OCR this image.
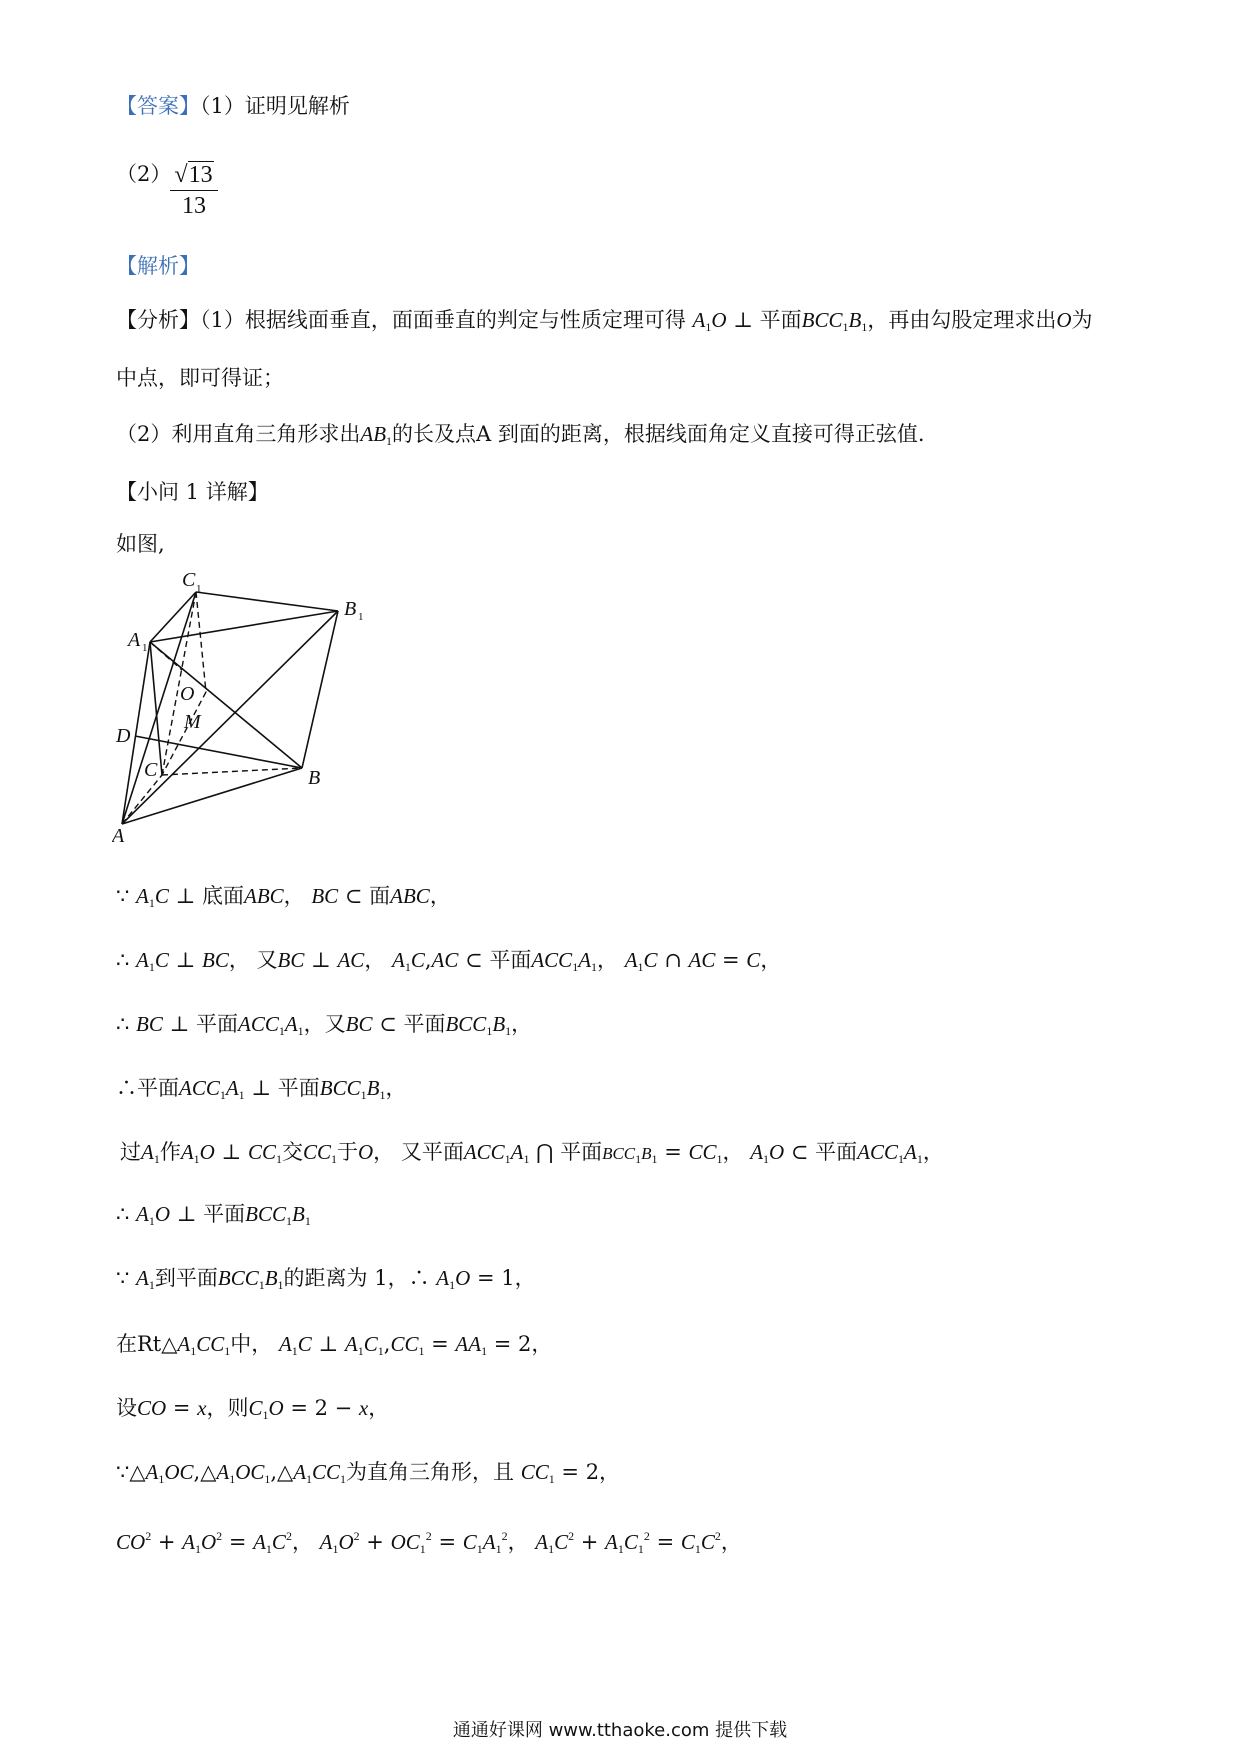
【答案】（1）证明见解析
（2） √13
13
【解析】
【分析】（1）根据线面垂直，面面垂直的判定与性质定理可得 $A_1O$ ⊥ 平面$BCC_1B_1$，再由勾股定理求出O为
中点，即可得证；
（2）利用直角三角形求出$AB_1$的长及点A 到面的距离，根据线面角定义直接可得正弦值.
【小问 1 详解】
如图,
C 1
B 1
A 1
O
M
D
C	B
A
∵ $A_1C$ ⊥ 底面ABC， BC ⊂ 面ABC，
∴ $A_1C$ ⊥ BC， 又BC ⊥ AC， $A_1C,AC$ ⊂ 平面$ACC_1A_1$， $A_1C$ ∩ AC = C，
∴ BC ⊥ 平面$ACC_1A_1$，又BC ⊂ 平面$BCC_1B_1$，
∴平面$ACC_1A_1$ ⊥ 平面$BCC_1B_1$，
过$A_1$作$A_1O$ ⊥ $CC_1$交$CC_1$于O， 又平面$ACC_1A_1$ ⋂ 平面$BCC_1B_1 = CC_1$， $A_1O$ ⊂ 平面$ACC_1A_1$，
∴ $A_1O$ ⊥ 平面$BCC_1B_1$
∵ $A_1$到平面$BCC_1B_1$的距离为 1，∴ $A_1O = 1$，
在$Rt\triangle A_1CC_1$中， $A_1C$ ⊥ $A_1C_1,CC_1 = AA_1 = 2$，
设CO = x，则$C_1O = 2 - x$，
$\because\triangle A_1OC,\triangle A_1OC_1,\triangle A_1CC_1$为直角三角形，且 $CC_1 = 2$，
$CO^2 + A_1O^2 = A_1C^2$， $A_1O^2 + OC_1^2 = C_1A_1^2$， $A_1C^2 + A_1C_1^2 = C_1C^2$，
通通好课网 www.tthaoke.com 提供下载
